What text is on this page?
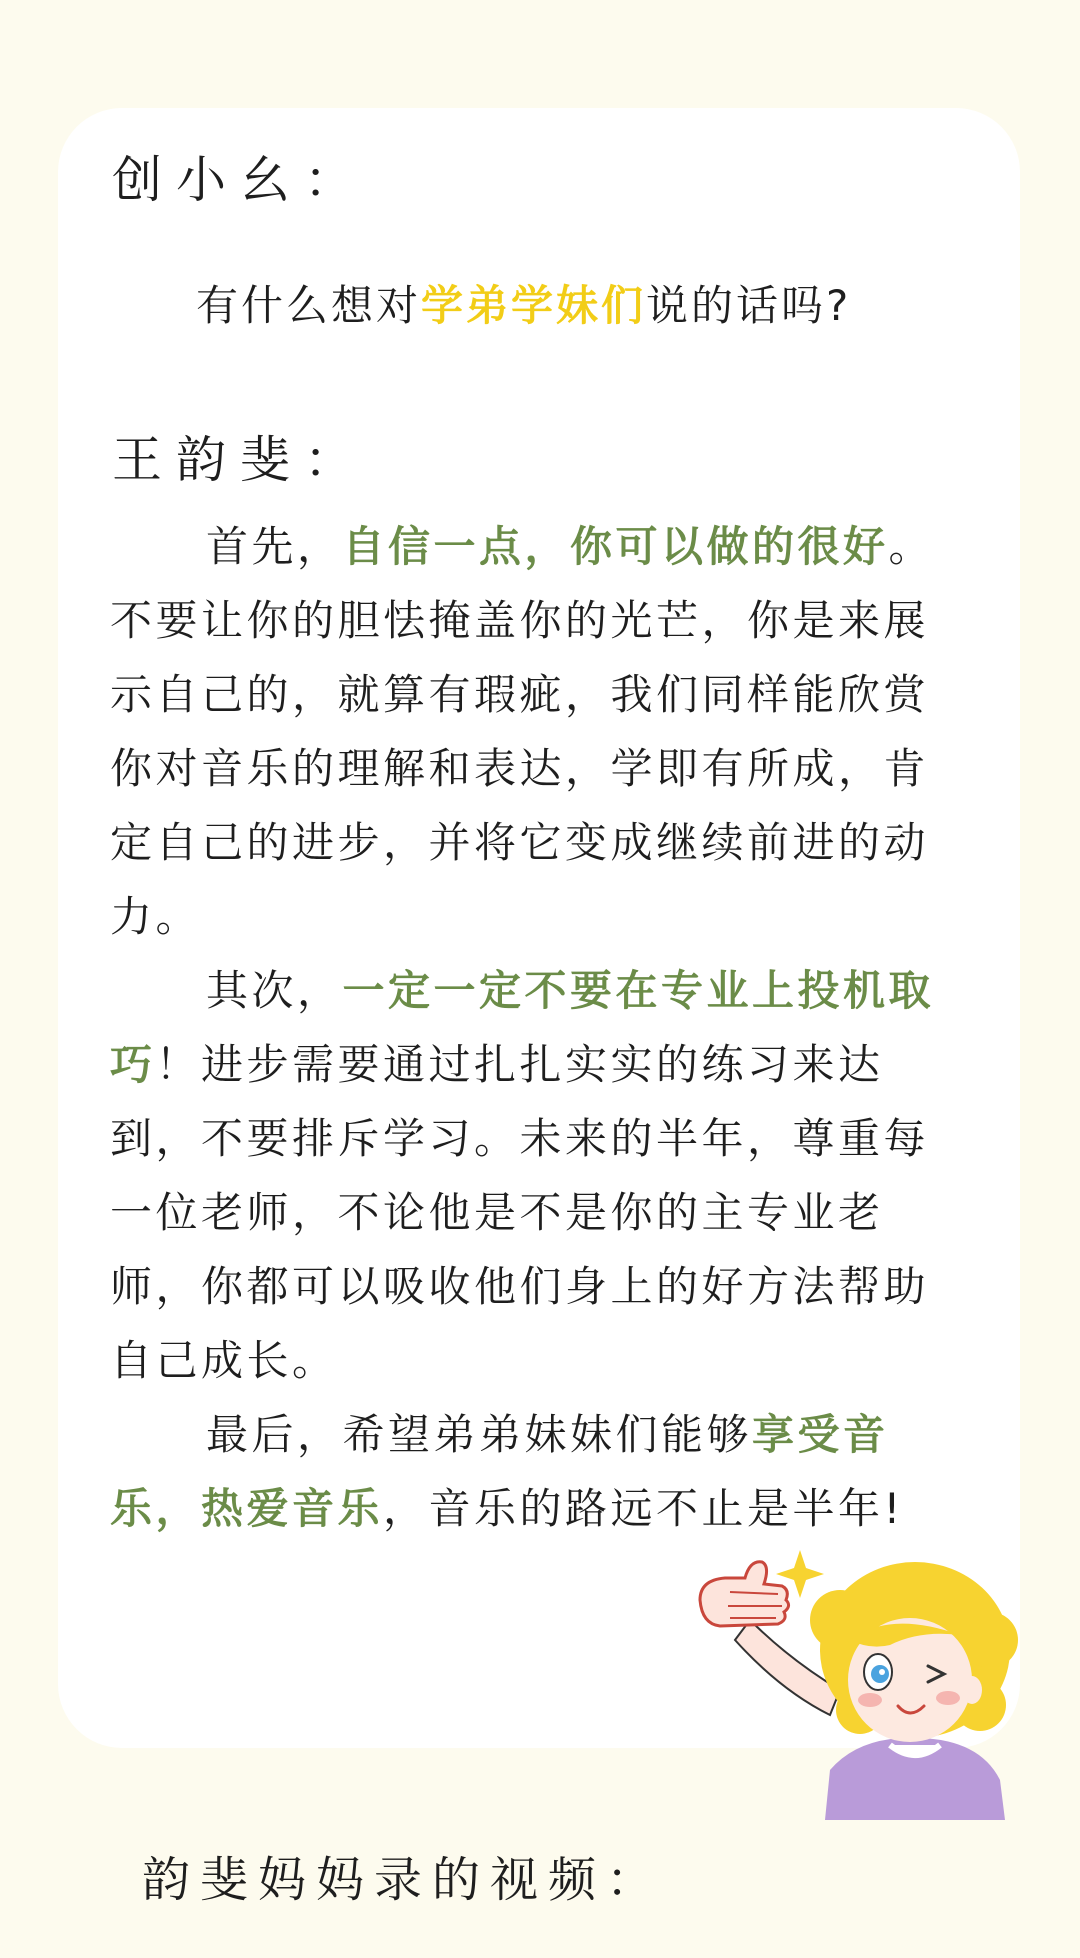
创小幺：
有什么想对学弟学妹们说的话吗?
王韵斐：

首先，自信一点，你可以做的很好。不要让你的胆怯掩盖你的光芒，你是来展示自己的，就算有瑕疵，我们同样能欣赏你对音乐的理解和表达，学即有所成，肯定自己的进步，并将它变成继续前进的动力。

其次，一定一定不要在专业上投机取巧！进步需要通过扎扎实实的练习来达到，不要排斥学习。未来的半年，尊重每一位老师，不论他是不是你的主专业老师，你都可以吸收他们身上的好方法帮助自己成长。

最后，希望弟弟妹妹们能够享受音乐，热爱音乐，音乐的路远不止是半年!

韵斐妈妈录的视频：
